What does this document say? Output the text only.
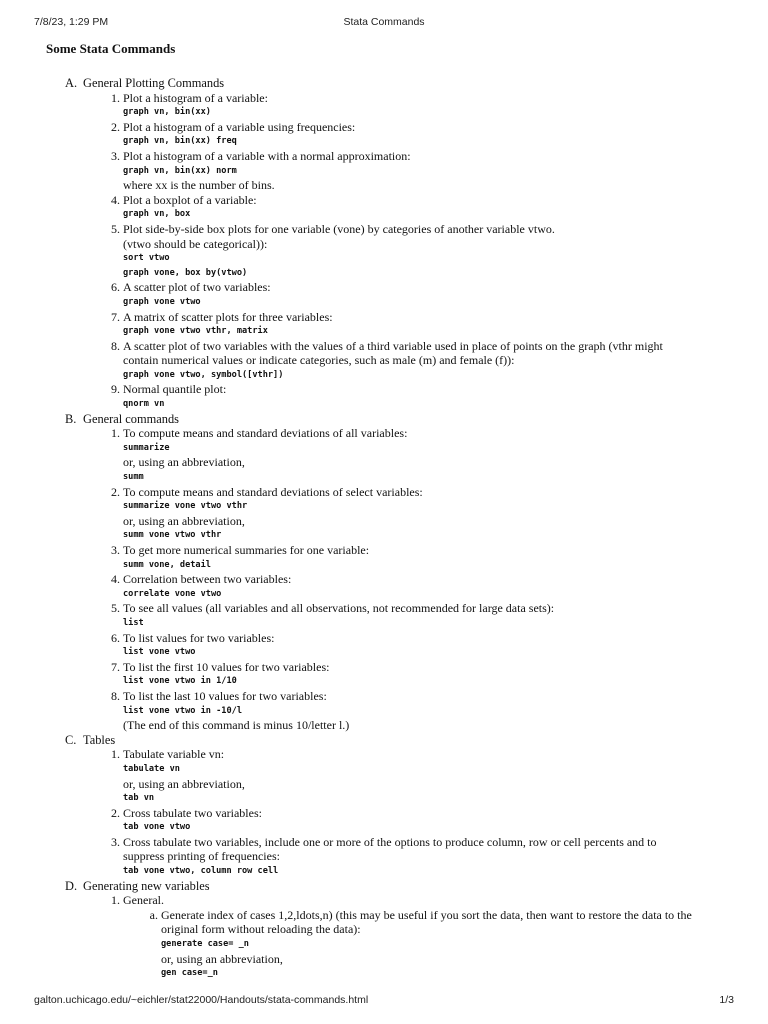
7/8/23, 1:29 PM	Stata Commands
Some Stata Commands
A. General Plotting Commands
1. Plot a histogram of a variable:
graph vn, bin(xx)
2. Plot a histogram of a variable using frequencies:
graph vn, bin(xx) freq
3. Plot a histogram of a variable with a normal approximation:
graph vn, bin(xx) norm
where xx is the number of bins.
4. Plot a boxplot of a variable:
graph vn, box
5. Plot side-by-side box plots for one variable (vone) by categories of another variable vtwo.
(vtwo should be categorical)):
sort vtwo
graph vone, box by(vtwo)
6. A scatter plot of two variables:
graph vone vtwo
7. A matrix of scatter plots for three variables:
graph vone vtwo vthr, matrix
8. A scatter plot of two variables with the values of a third variable used in place of points on the graph (vthr might
contain numerical values or indicate categories, such as male (m) and female (f)):
graph vone vtwo, symbol([vthr])
9. Normal quantile plot:
qnorm vn
B. General commands
1. To compute means and standard deviations of all variables:
summarize
or, using an abbreviation,
summ
2. To compute means and standard deviations of select variables:
summarize vone vtwo vthr
or, using an abbreviation,
summ vone vtwo vthr
3. To get more numerical summaries for one variable:
summ vone, detail
4. Correlation between two variables:
correlate vone vtwo
5. To see all values (all variables and all observations, not recommended for large data sets):
list
6. To list values for two variables:
list vone vtwo
7. To list the first 10 values for two variables:
list vone vtwo in 1/10
8. To list the last 10 values for two variables:
list vone vtwo in -10/l
(The end of this command is minus 10/letter l.)
C. Tables
1. Tabulate variable vn:
tabulate vn
or, using an abbreviation,
tab vn
2. Cross tabulate two variables:
tab vone vtwo
3. Cross tabulate two variables, include one or more of the options to produce column, row or cell percents and to
suppress printing of frequencies:
tab vone vtwo, column row cell
D. Generating new variables
1. General.
a. Generate index of cases 1,2,ldots,n) (this may be useful if you sort the data, then want to restore the data to the
original form without reloading the data):
generate case= _n
or, using an abbreviation,
gen case=_n
galton.uchicago.edu/~eichler/stat22000/Handouts/stata-commands.html	1/3
